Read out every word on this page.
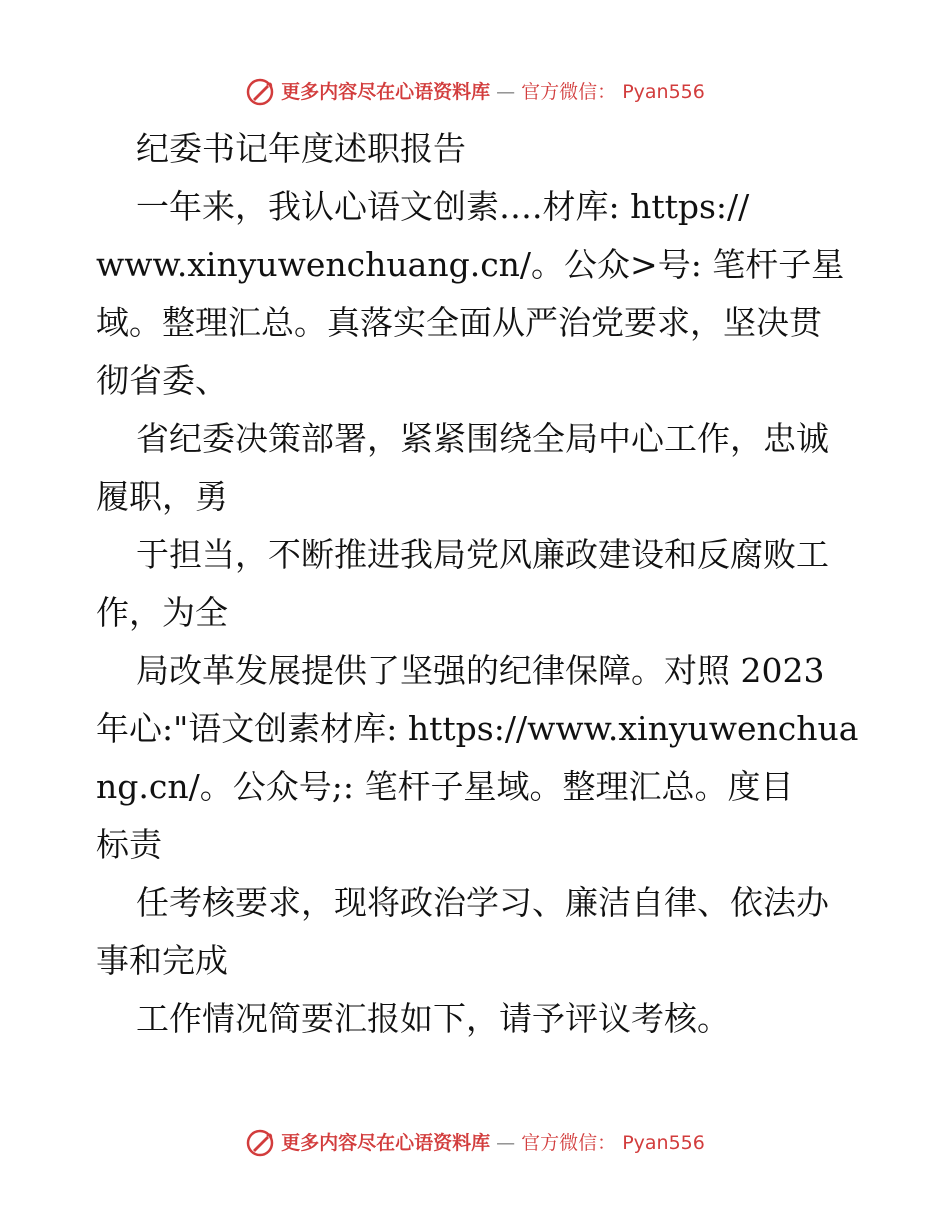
更多内容尽在心语资料库 — 官方微信： Pyan556

纪委书记年度述职报告

一年来，我认心语文创素….材库: https://

www.xinyuwenchuang.cn/。公众>号: 笔杆子星

域。整理汇总。真落实全面从严治党要求，坚决贯

彻省委、

省纪委决策部署，紧紧围绕全局中心工作，忠诚

履职，勇

于担当，不断推进我局党风廉政建设和反腐败工

作，为全

局改革发展提供了坚强的纪律保障。对照 2023

年心:"语文创素材库: https://www.xinyuwenchua

ng.cn/。公众号;: 笔杆子星域。整理汇总。度目

标责

任考核要求，现将政治学习、廉洁自律、依法办

事和完成

工作情况简要汇报如下，请予评议考核。

更多内容尽在心语资料库 — 官方微信： Pyan556
